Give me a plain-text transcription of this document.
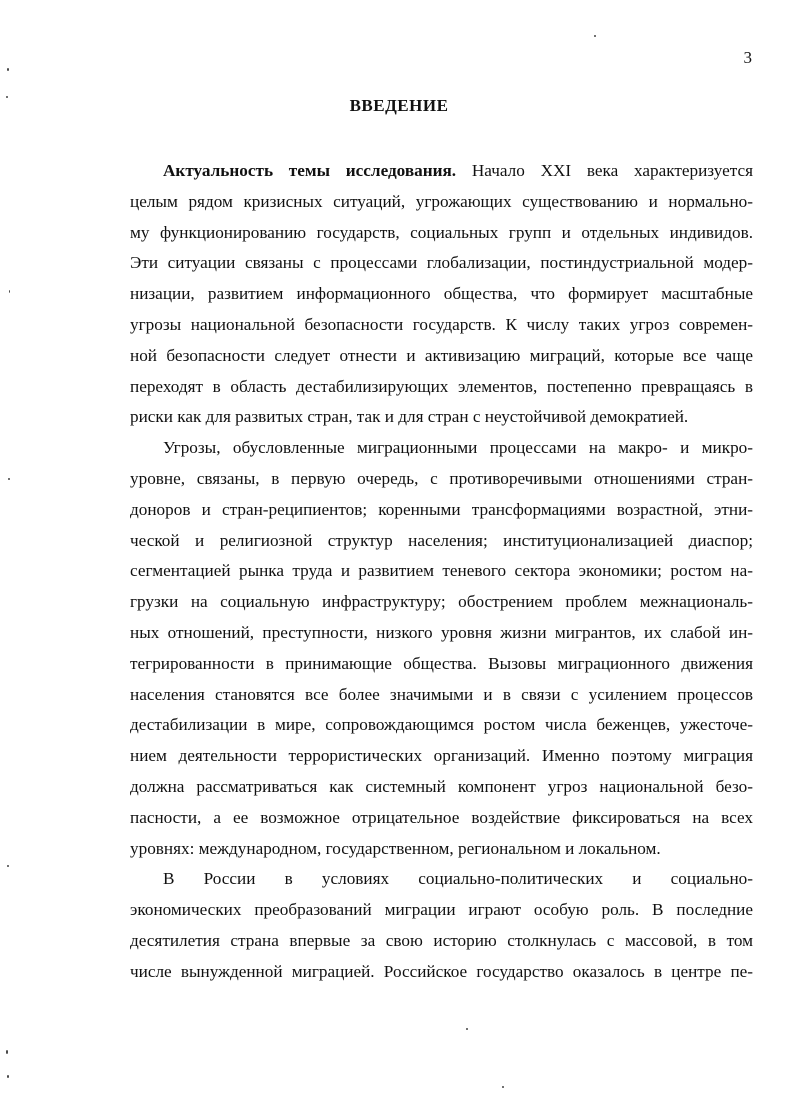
3
ВВЕДЕНИЕ
Актуальность темы исследования. Начало XXI века характеризуется
целым рядом кризисных ситуаций, угрожающих существованию и нормально-
му функционированию государств, социальных групп и отдельных индивидов.
Эти ситуации связаны с процессами глобализации, постиндустриальной модер-
низации, развитием информационного общества, что формирует масштабные
угрозы национальной безопасности государств. К числу таких угроз современ-
ной безопасности следует отнести и активизацию миграций, которые все чаще
переходят в область дестабилизирующих элементов, постепенно превращаясь в
риски как для развитых стран, так и для стран с неустойчивой демократией.
Угрозы, обусловленные миграционными процессами на макро- и микро-
уровне, связаны, в первую очередь, с противоречивыми отношениями стран-
доноров и стран-реципиентов; коренными трансформациями возрастной, этни-
ческой и религиозной структур населения; институционализацией диаспор;
сегментацией рынка труда и развитием теневого сектора экономики; ростом на-
грузки на социальную инфраструктуру; обострением проблем межнациональ-
ных отношений, преступности, низкого уровня жизни мигрантов, их слабой ин-
тегрированности в принимающие общества. Вызовы миграционного движения
населения становятся все более значимыми и в связи с усилением процессов
дестабилизации в мире, сопровождающимся ростом числа беженцев, ужесточе-
нием деятельности террористических организаций. Именно поэтому миграция
должна рассматриваться как системный компонент угроз национальной безо-
пасности, а ее возможное отрицательное воздействие фиксироваться на всех
уровнях: международном, государственном, региональном и локальном.
В России в условиях социально-политических и социально-
экономических преобразований миграции играют особую роль. В последние
десятилетия страна впервые за свою историю столкнулась с массовой, в том
числе вынужденной миграцией. Российское государство оказалось в центре пе-
